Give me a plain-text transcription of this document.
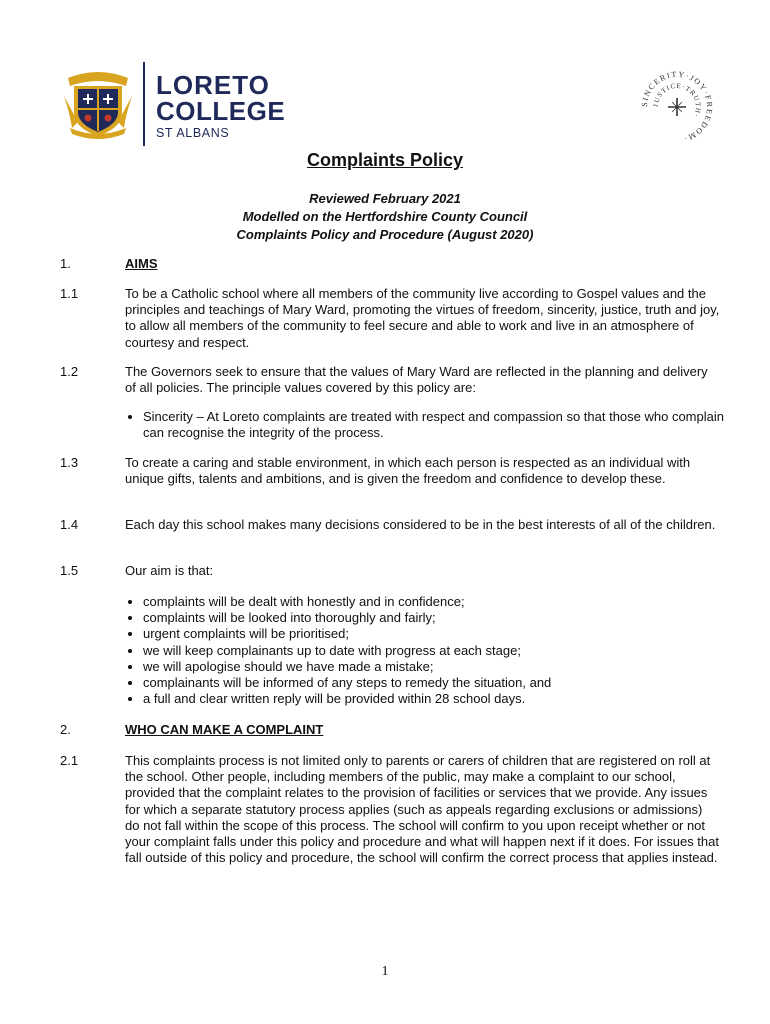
LORETO
COLLEGE
ST ALBANS
SINCERITY·JOY·FREEDOM·
JUSTICE·TRUTH·
Complaints Policy
Reviewed February 2021
Modelled on the Hertfordshire County Council
Complaints Policy and Procedure (August 2020)
1.	AIMS
1.1	To be a Catholic school where all members of the community live according to Gospel values and the principles and teachings of Mary Ward, promoting the virtues of freedom, sincerity, justice, truth and joy, to allow all members of the community to feel secure and able to work and live in an atmosphere of courtesy and respect.
1.2	The Governors seek to ensure that the values of Mary Ward are reflected in the planning and delivery of all policies. The principle values covered by this policy are:
• Sincerity – At Loreto complaints are treated with respect and compassion so that those who complain can recognise the integrity of the process.
1.3	To create a caring and stable environment, in which each person is respected as an individual with unique gifts, talents and ambitions, and is given the freedom and confidence to develop these.
1.4	Each day this school makes many decisions considered to be in the best interests of all of the children.
1.5	Our aim is that:
• complaints will be dealt with honestly and in confidence;
• complaints will be looked into thoroughly and fairly;
• urgent complaints will be prioritised;
• we will keep complainants up to date with progress at each stage;
• we will apologise should we have made a mistake;
• complainants will be informed of any steps to remedy the situation, and
• a full and clear written reply will be provided within 28 school days.
2.	WHO CAN MAKE A COMPLAINT
2.1	This complaints process is not limited only to parents or carers of children that are registered on roll at the school. Other people, including members of the public, may make a complaint to our school, provided that the complaint relates to the provision of facilities or services that we provide. Any issues for which a separate statutory process applies (such as appeals regarding exclusions or admissions) do not fall within the scope of this process. The school will confirm to you upon receipt whether or not your complaint falls under this policy and procedure and what will happen next if it does. For issues that fall outside of this policy and procedure, the school will confirm the correct process that applies instead.
1
